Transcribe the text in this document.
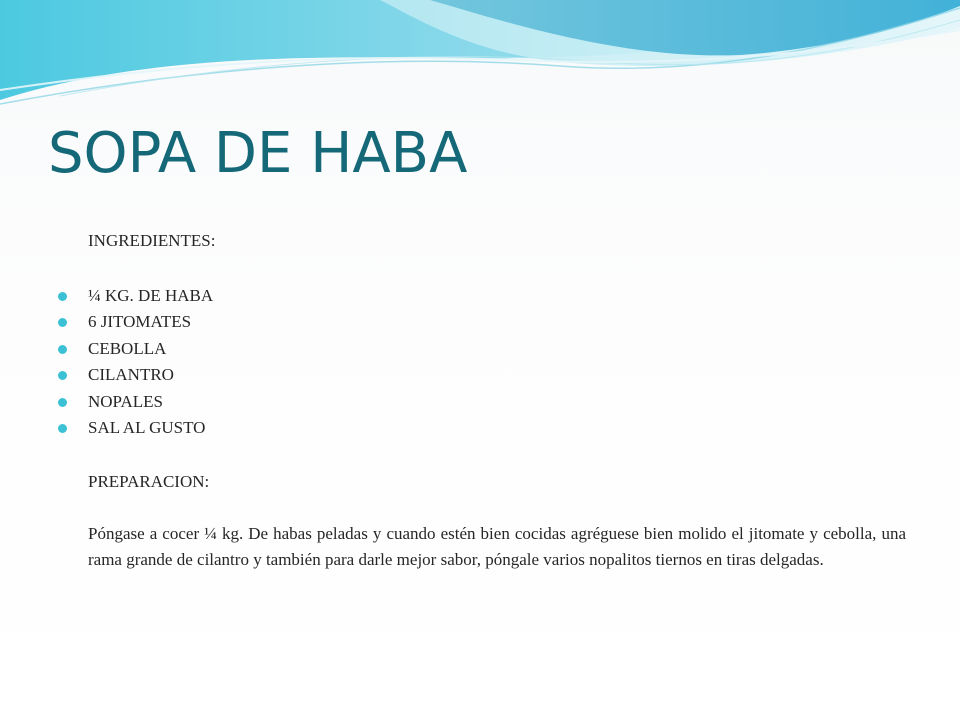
SOPA DE HABA

INGREDIENTES:

¼ KG. DE HABA
6 JITOMATES
CEBOLLA
CILANTRO
NOPALES
SAL AL GUSTO

PREPARACION:

Póngase a cocer ¼ kg. De habas peladas y cuando estén bien cocidas agréguese bien molido el jitomate y cebolla, una rama grande de cilantro y también para darle mejor sabor, póngale varios nopalitos tiernos en tiras delgadas.
